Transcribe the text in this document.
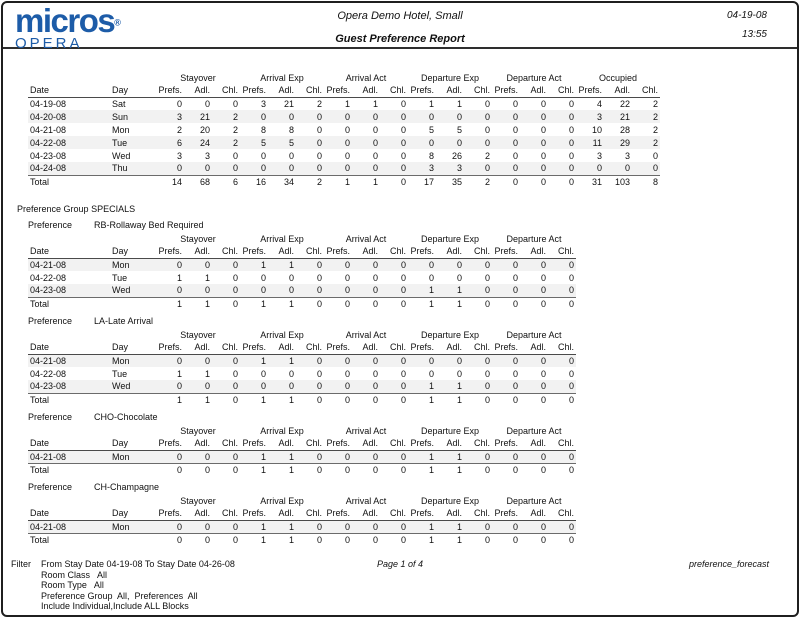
micros®
OPERA
Opera Demo Hotel, Small
Guest Preference Report
04-19-08
13:55
		Stayover			Arrival Exp			Arrival Act			Departure Exp			Departure Act			Occupied		
Date	Day	Prefs.	Adl.	Chl.	Prefs.	Adl.	Chl.	Prefs.	Adl.	Chl.	Prefs.	Adl.	Chl.	Prefs.	Adl.	Chl.	Prefs.	Adl.	Chl.
04-19-08	Sat	0	0	0	3	21	2	1	1	0	1	1	0	0	0	0	4	22	2
04-20-08	Sun	3	21	2	0	0	0	0	0	0	0	0	0	0	0	0	3	21	2
04-21-08	Mon	2	20	2	8	8	0	0	0	0	5	5	0	0	0	0	10	28	2
04-22-08	Tue	6	24	2	5	5	0	0	0	0	0	0	0	0	0	0	11	29	2
04-23-08	Wed	3	3	0	0	0	0	0	0	0	8	26	2	0	0	0	3	3	0
04-24-08	Thu	0	0	0	0	0	0	0	0	0	3	3	0	0	0	0	0	0	0
Total		14	68	6	16	34	2	1	1	0	17	35	2	0	0	0	31	103	8
Preference Group SPECIALS
Preference RB-Rollaway Bed Required
		Stayover			Arrival Exp			Arrival Act			Departure Exp			Departure Act		
Date	Day	Prefs.	Adl.	Chl.	Prefs.	Adl.	Chl.	Prefs.	Adl.	Chl.	Prefs.	Adl.	Chl.	Prefs.	Adl.	Chl.
04-21-08	Mon	0	0	0	1	1	0	0	0	0	0	0	0	0	0	0
04-22-08	Tue	1	1	0	0	0	0	0	0	0	0	0	0	0	0	0
04-23-08	Wed	0	0	0	0	0	0	0	0	0	1	1	0	0	0	0
Total		1	1	0	1	1	0	0	0	0	1	1	0	0	0	0
Preference LA-Late Arrival
		Stayover			Arrival Exp			Arrival Act			Departure Exp			Departure Act		
Date	Day	Prefs.	Adl.	Chl.	Prefs.	Adl.	Chl.	Prefs.	Adl.	Chl.	Prefs.	Adl.	Chl.	Prefs.	Adl.	Chl.
04-21-08	Mon	0	0	0	1	1	0	0	0	0	0	0	0	0	0	0
04-22-08	Tue	1	1	0	0	0	0	0	0	0	0	0	0	0	0	0
04-23-08	Wed	0	0	0	0	0	0	0	0	0	1	1	0	0	0	0
Total		1	1	0	1	1	0	0	0	0	1	1	0	0	0	0
Preference CHO-Chocolate
		Stayover			Arrival Exp			Arrival Act			Departure Exp			Departure Act		
Date	Day	Prefs.	Adl.	Chl.	Prefs.	Adl.	Chl.	Prefs.	Adl.	Chl.	Prefs.	Adl.	Chl.	Prefs.	Adl.	Chl.
04-21-08	Mon	0	0	0	1	1	0	0	0	0	1	1	0	0	0	0
Total		0	0	0	1	1	0	0	0	0	1	1	0	0	0	0
Preference CH-Champagne
		Stayover			Arrival Exp			Arrival Act			Departure Exp			Departure Act		
Date	Day	Prefs.	Adl.	Chl.	Prefs.	Adl.	Chl.	Prefs.	Adl.	Chl.	Prefs.	Adl.	Chl.	Prefs.	Adl.	Chl.
04-21-08	Mon	0	0	0	1	1	0	0	0	0	1	1	0	0	0	0
Total		0	0	0	1	1	0	0	0	0	1	1	0	0	0	0
Filter From Stay Date 04-19-08 To Stay Date 04-26-08
Room Class   All
Room Type   All
Preference Group  All,  Preferences  All
Include Individual,Include ALL Blocks
Page 1 of 4	preference_forecast
